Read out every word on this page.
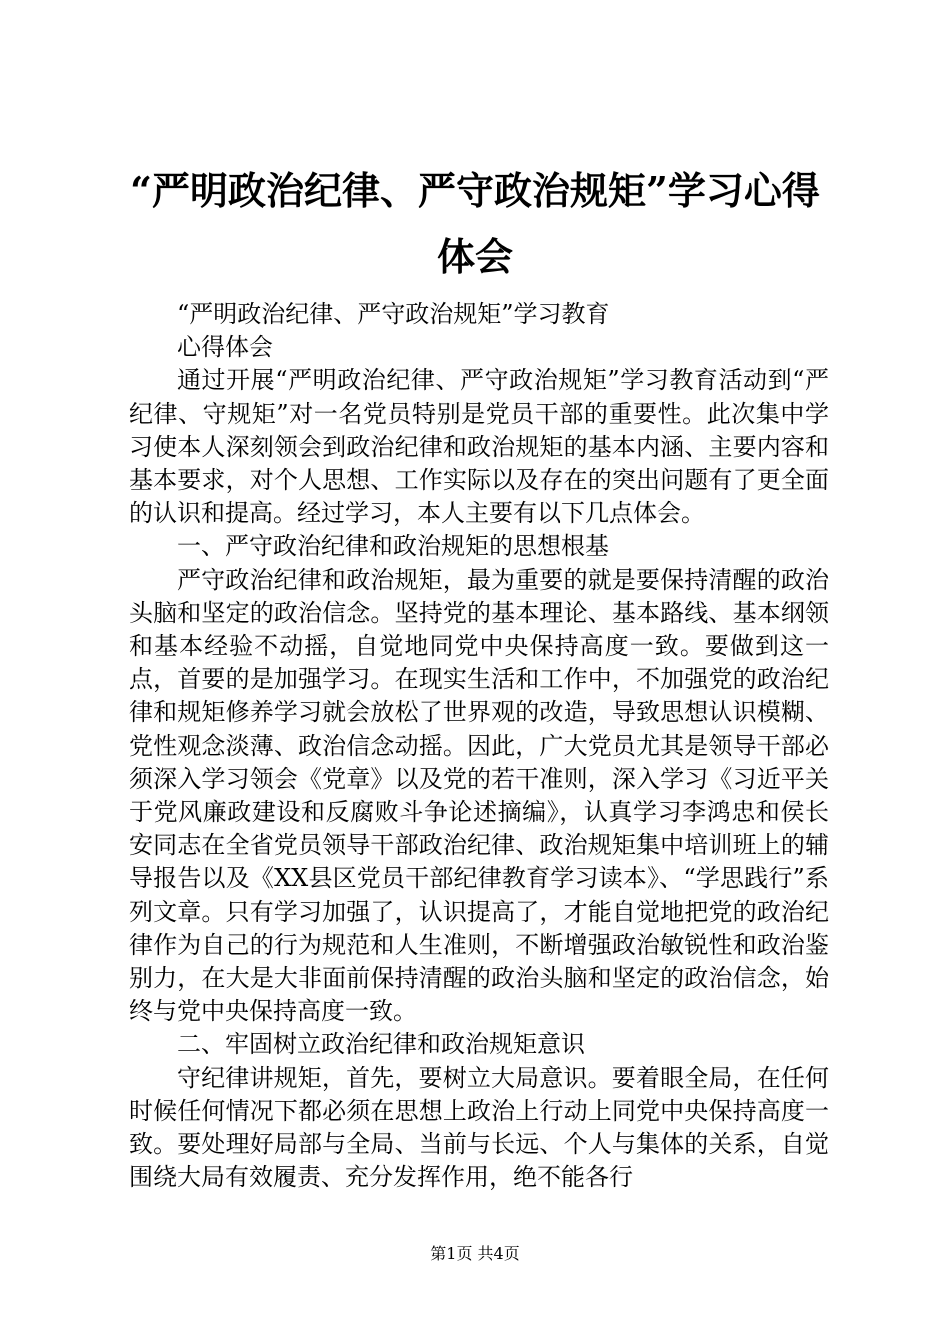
“严明政治纪律、严守政治规矩”学习心得体会

“严明政治纪律、严守政治规矩”学习教育

心得体会

通过开展“严明政治纪律、严守政治规矩”学习教育活动到“严纪律、守规矩”对一名党员特别是党员干部的重要性。此次集中学习使本人深刻领会到政治纪律和政治规矩的基本内涵、主要内容和基本要求，对个人思想、工作实际以及存在的突出问题有了更全面的认识和提高。经过学习，本人主要有以下几点体会。

一、严守政治纪律和政治规矩的思想根基

严守政治纪律和政治规矩，最为重要的就是要保持清醒的政治头脑和坚定的政治信念。坚持党的基本理论、基本路线、基本纲领和基本经验不动摇，自觉地同党中央保持高度一致。要做到这一点，首要的是加强学习。在现实生活和工作中，不加强党的政治纪律和规矩修养学习就会放松了世界观的改造，导致思想认识模糊、党性观念淡薄、政治信念动摇。因此，广大党员尤其是领导干部必须深入学习领会《党章》以及党的若干准则，深入学习《习近平关于党风廉政建设和反腐败斗争论述摘编》，认真学习李鸿忠和侯长安同志在全省党员领导干部政治纪律、政治规矩集中培训班上的辅导报告以及《XX县区党员干部纪律教育学习读本》、“学思践行”系列文章。只有学习加强了，认识提高了，才能自觉地把党的政治纪律作为自己的行为规范和人生准则，不断增强政治敏锐性和政治鉴别力，在大是大非面前保持清醒的政治头脑和坚定的政治信念，始终与党中央保持高度一致。

二、牢固树立政治纪律和政治规矩意识

守纪律讲规矩，首先，要树立大局意识。要着眼全局，在任何时候任何情况下都必须在思想上政治上行动上同党中央保持高度一致。要处理好局部与全局、当前与长远、个人与集体的关系，自觉围绕大局有效履责、充分发挥作用，绝不能各行

第1页 共4页
